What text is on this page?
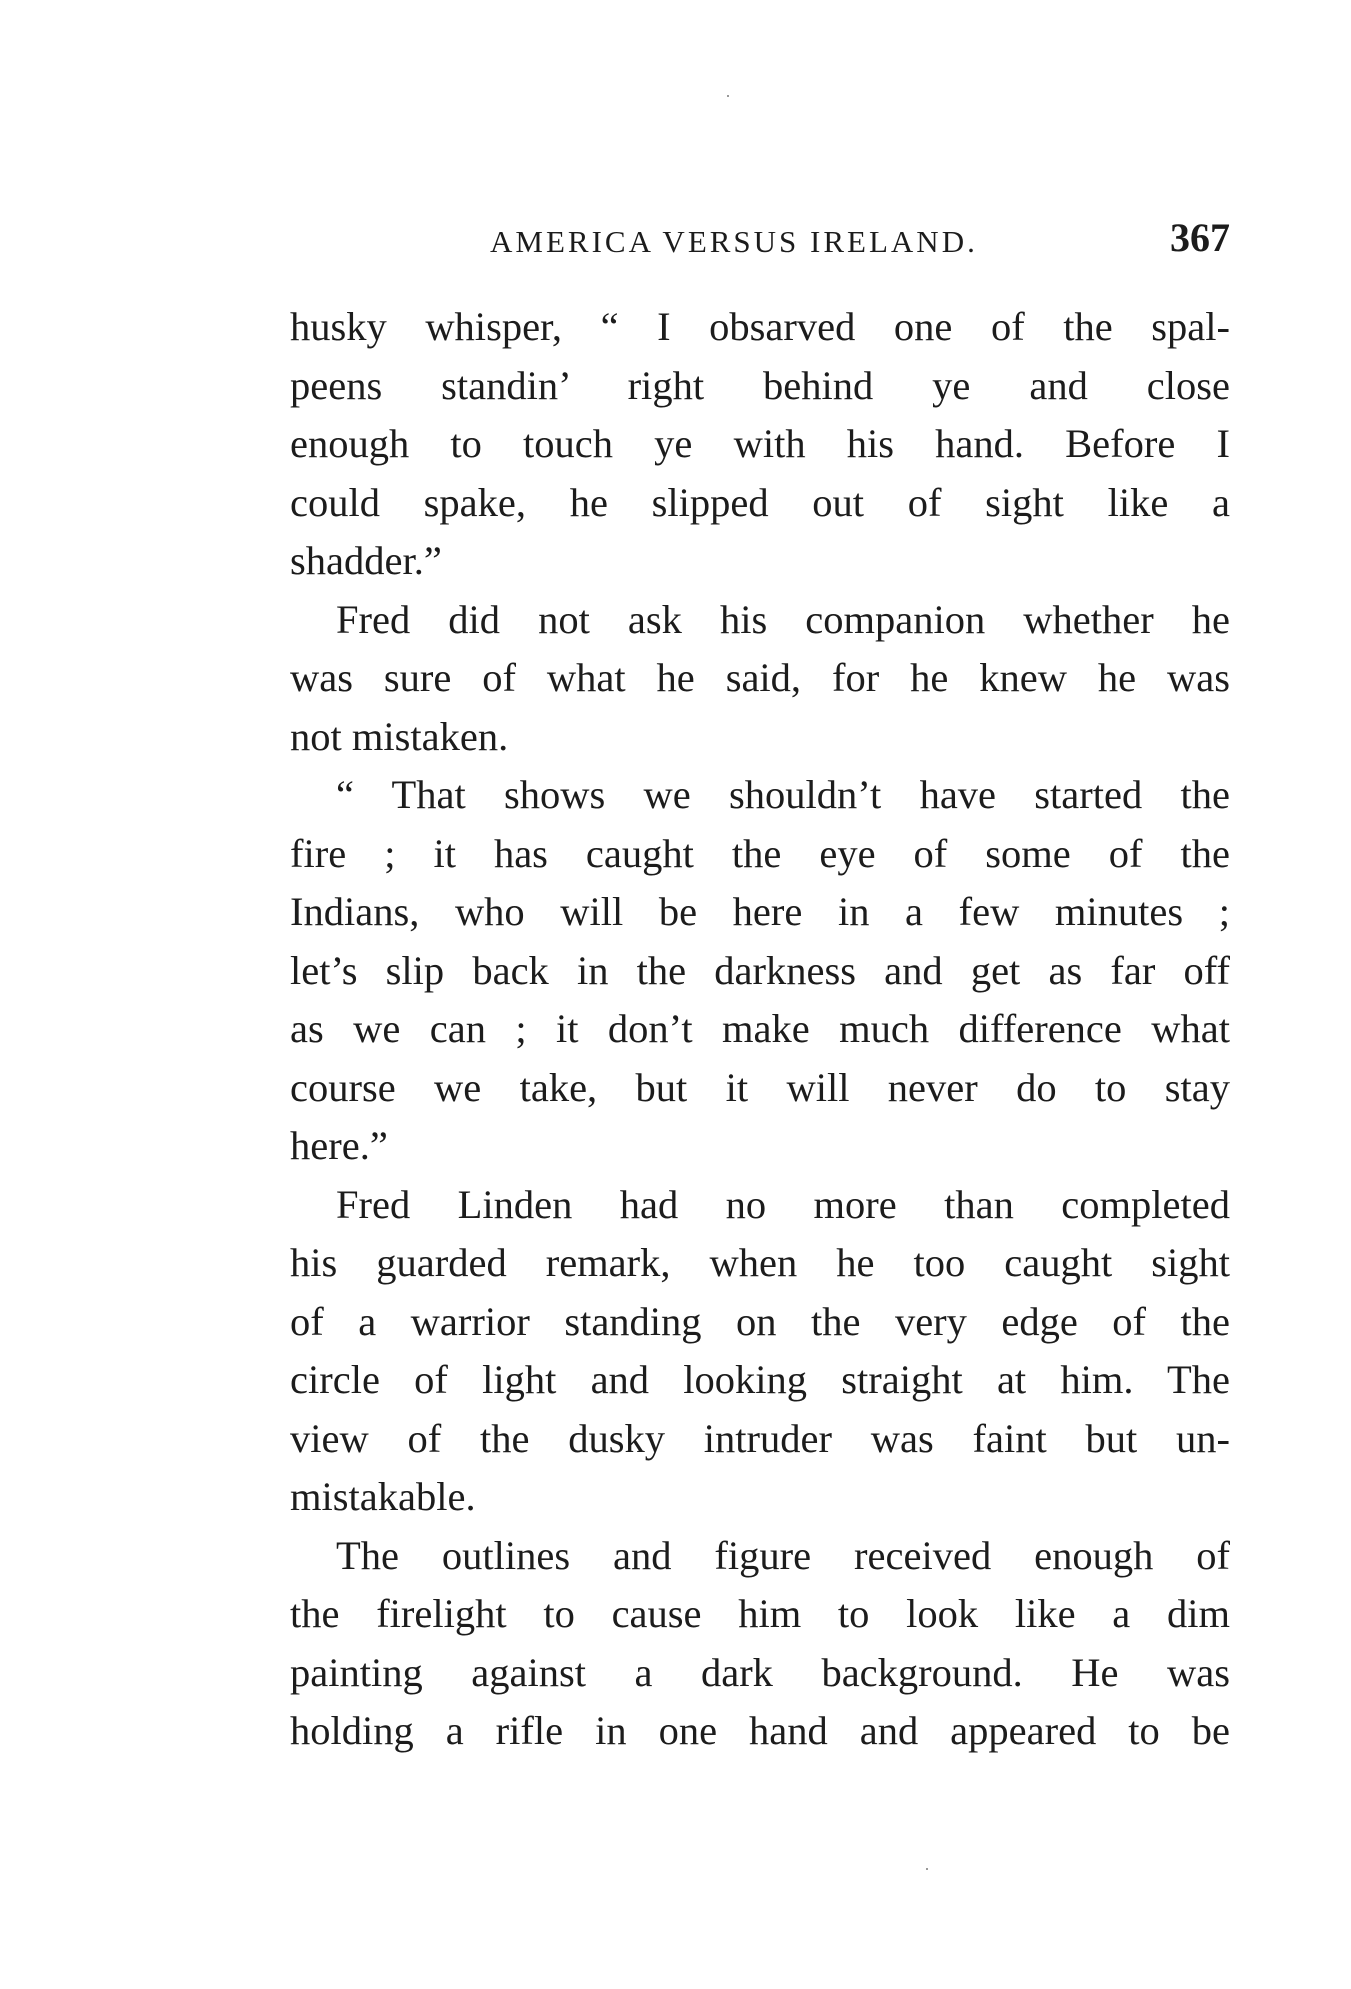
AMERICA VERSUS IRELAND.	367
husky whisper, “ I obsarved one of the spal-
peens standin’ right behind ye and close
enough to touch ye with his hand. Before I
could spake, he slipped out of sight like a
shadder.”
Fred did not ask his companion whether he
was sure of what he said, for he knew he was
not mistaken.
“ That shows we shouldn’t have started the
fire ; it has caught the eye of some of the
Indians, who will be here in a few minutes ;
let’s slip back in the darkness and get as far off
as we can ; it don’t make much difference what
course we take, but it will never do to stay
here.”
Fred Linden had no more than completed
his guarded remark, when he too caught sight
of a warrior standing on the very edge of the
circle of light and looking straight at him. The
view of the dusky intruder was faint but un-
mistakable.
The outlines and figure received enough of
the firelight to cause him to look like a dim
painting against a dark background. He was
holding a rifle in one hand and appeared to be
